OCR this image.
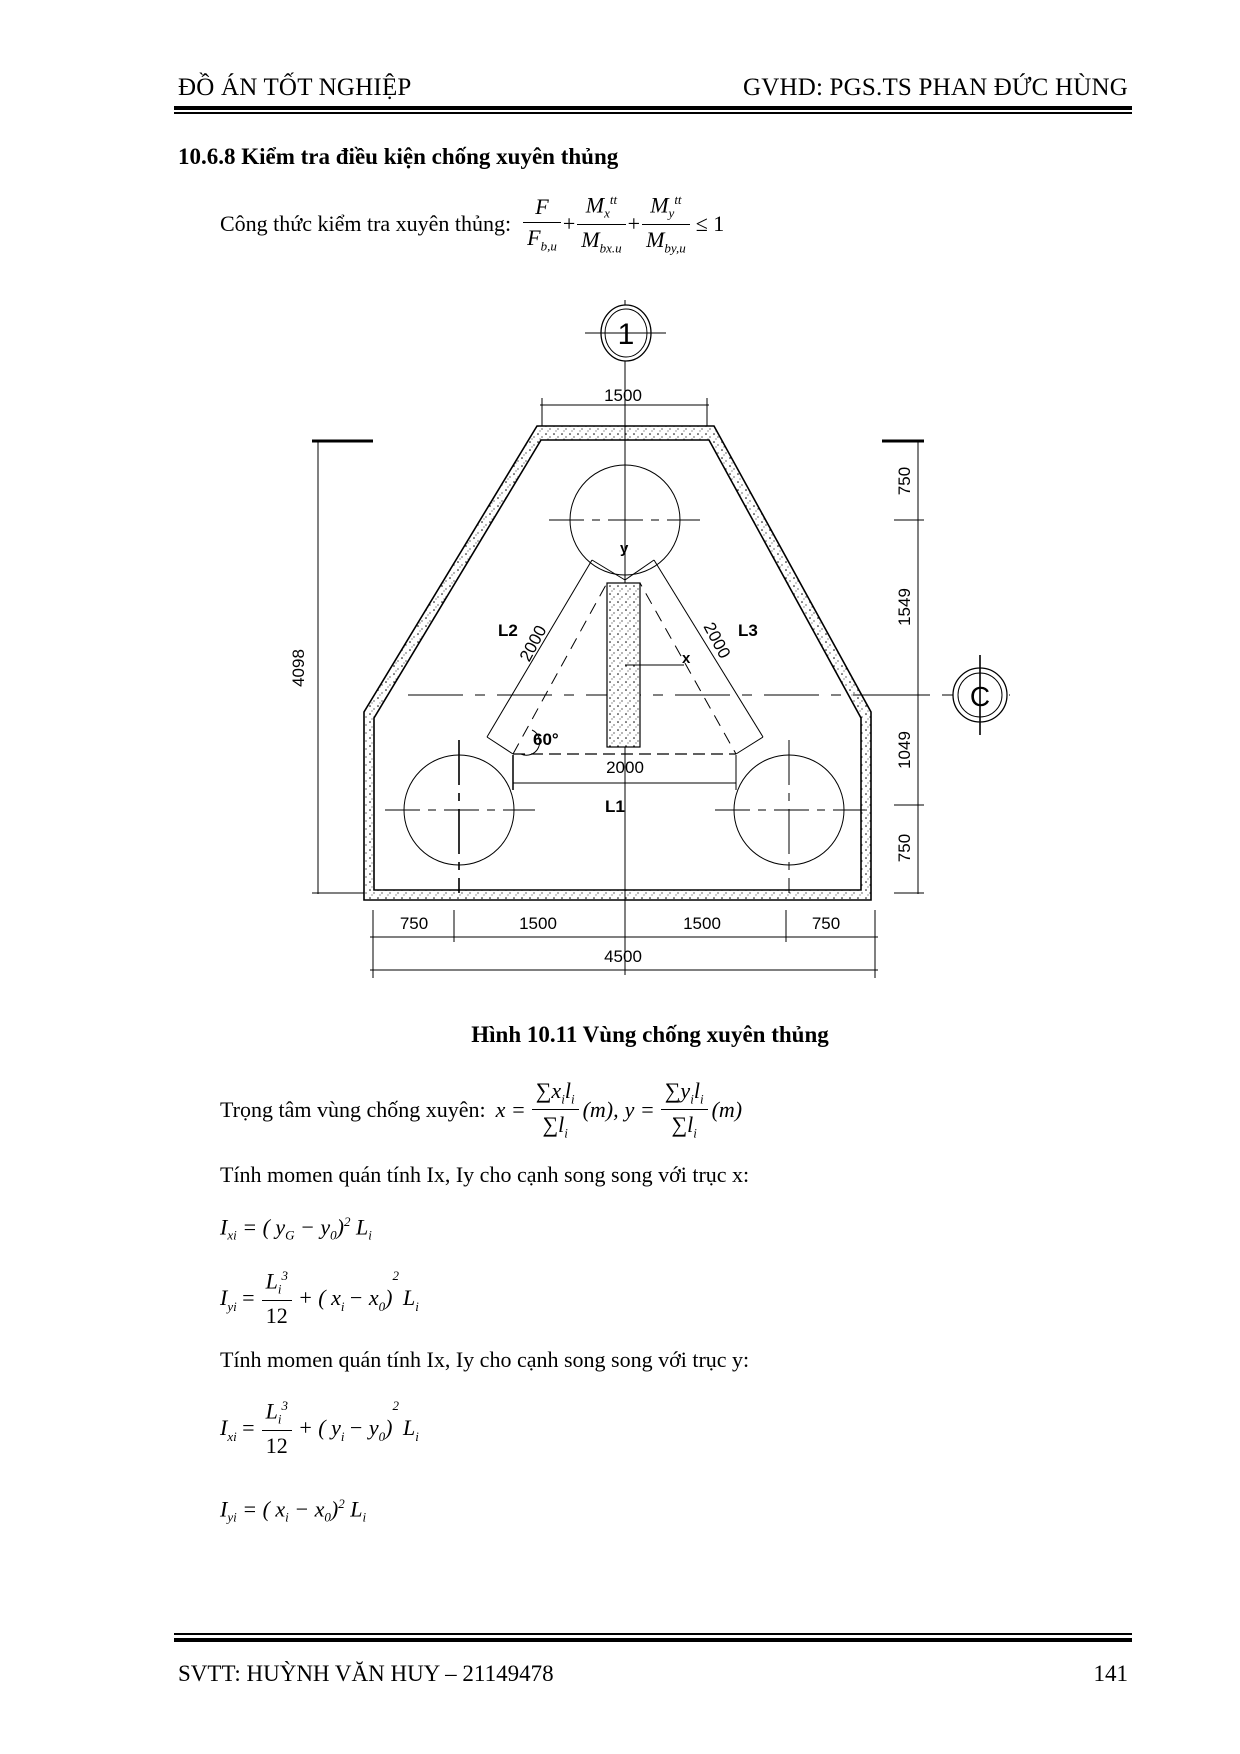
ĐỒ ÁN TỐT NGHIỆP	GVHD: PGS.TS PHAN ĐỨC HÙNG
10.6.8 Kiểm tra điều kiện chống xuyên thủng
Công thức kiểm tra xuyên thủng: $\frac{F}{F_{b,u}} + \frac{M_x^{tt}}{M_{bx.u}} + \frac{M_y^{tt}}{M_{by,u}} \le 1$
1
C
1500
4098
750
1549
1049
750
750	1500	1500	750
4500
2000
60°
2000	2000
L2	L3
L1
x
y
Hình 10.11 Vùng chống xuyên thủng
Trọng tâm vùng chống xuyên: $x = \frac{\sum x_il_i}{\sum l_i} (m)$, $y = \frac{\sum y_il_i}{\sum l_i} (m)$
Tính momen quán tính Ix, Iy cho cạnh song song với trục x:
$I_{xi}$ = ( $y_G - y_0)^2$ $L_i$
$I_{yi} = \frac{L_i^3}{12}$ + ( $x_i - x_0$ )
2
$L_i$
Tính momen quán tính Ix, Iy cho cạnh song song với trục y:
$I_{xi} = \frac{L_i^3}{12}$ + ( $y_i - y_0$ )
2
$L_i$
$I_{yi}$ = ( $x_i - x_0)^2$ $L_i$
SVTT: HUỲNH VĂN HUY – 21149478	141
